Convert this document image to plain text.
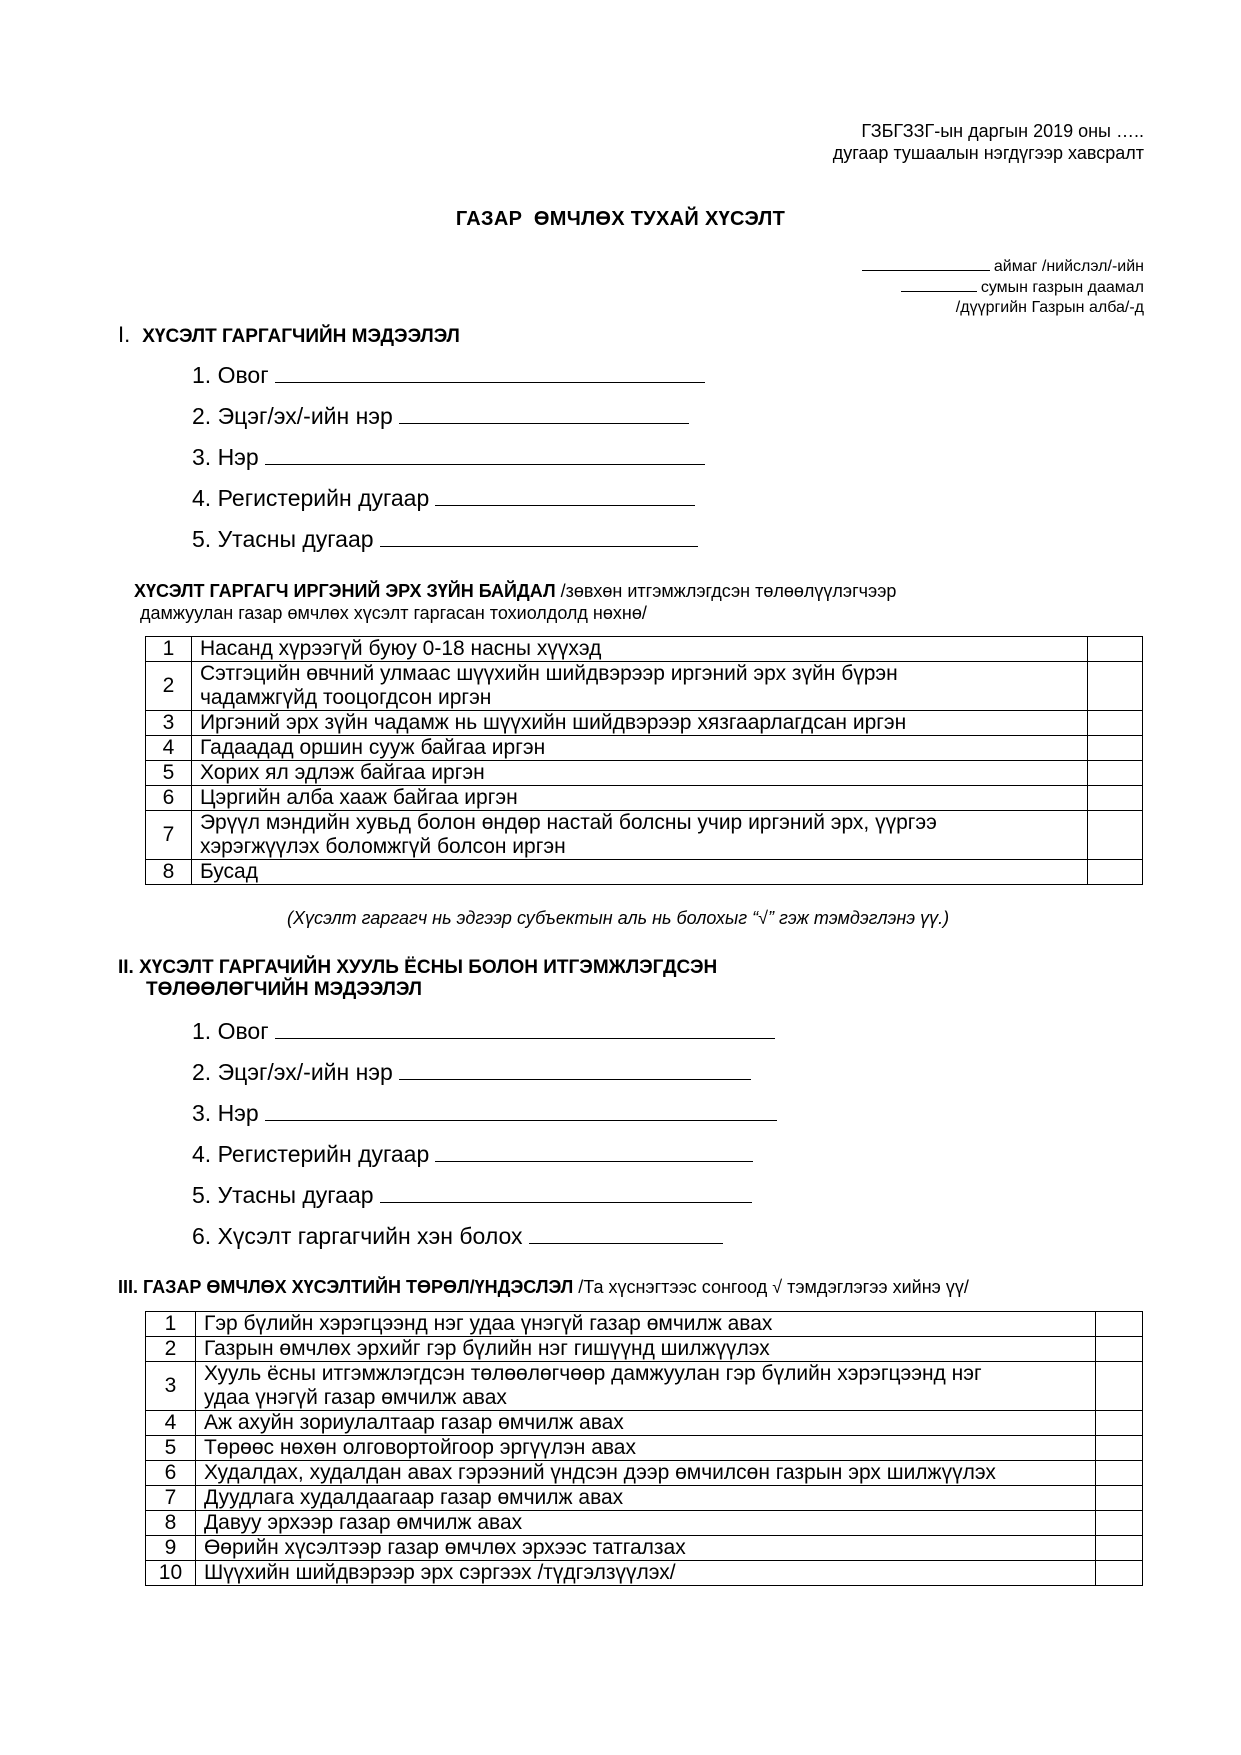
ГЗБГЗЗГ-ын даргын 2019 оны …..
дугаар тушаалын нэгдүгээр хавсралт
ГАЗАР  ӨМЧЛӨХ ТУХАЙ ХҮСЭЛТ
аймаг /нийслэл/-ийн
сумын газрын даамал
/дүүргийн Газрын алба/-д
I. ХҮСЭЛТ ГАРГАГЧИЙН МЭДЭЭЛЭЛ
1. Овог
2. Эцэг/эх/-ийн нэр
3. Нэр
4. Регистерийн дугаар
5. Утасны дугаар
ХҮСЭЛТ ГАРГАГЧ ИРГЭНИЙ ЭРХ ЗҮЙН БАЙДАЛ /зөвхөн итгэмжлэгдсэн төлөөлүүлэгчээр
дамжуулан газар өмчлөх хүсэлт гаргасан тохиолдолд нөхнө/
1	Насанд хүрээгүй буюу 0-18 насны хүүхэд	

2	Сэтгэцийн өвчний улмаас шүүхийн шийдвэрээр иргэний эрх зүйн бүрэн
чадамжгүйд тооцогдсон иргэн	

3	Иргэний эрх зүйн чадамж нь шүүхийн шийдвэрээр хязгаарлагдсан иргэн	

4	Гадаадад оршин сууж байгаа иргэн	

5	Хорих ял эдлэж байгаа иргэн	

6	Цэргийн алба хааж байгаа иргэн	

7	Эрүүл мэндийн хувьд болон өндөр настай болсны учир иргэний эрх, үүргээ
хэрэгжүүлэх боломжгүй болсон иргэн	

8	Бусад	

(Хүсэлт гаргагч нь эдгээр субъектын аль нь болохыг “√” гэж тэмдэглэнэ үү.)
II. ХҮСЭЛТ ГАРГАЧИЙН ХУУЛЬ ЁСНЫ БОЛОН ИТГЭМЖЛЭГДСЭН
ТӨЛӨӨЛӨГЧИЙН МЭДЭЭЛЭЛ
1. Овог
2. Эцэг/эх/-ийн нэр
3. Нэр
4. Регистерийн дугаар
5. Утасны дугаар
6. Хүсэлт гаргагчийн хэн болох
III. ГАЗАР ӨМЧЛӨХ ХҮСЭЛТИЙН ТӨРӨЛ/ҮНДЭСЛЭЛ /Та хүснэгтээс сонгоод √ тэмдэглэгээ хийнэ үү/
1	Гэр бүлийн хэрэгцээнд нэг удаа үнэгүй газар өмчилж авах	

2	Газрын өмчлөх эрхийг гэр бүлийн нэг гишүүнд шилжүүлэх	

3	Хууль ёсны итгэмжлэгдсэн төлөөлөгчөөр дамжуулан гэр бүлийн хэрэгцээнд нэг
удаа үнэгүй газар өмчилж авах	

4	Аж ахуйн зориулалтаар газар өмчилж авах	

5	Төрөөс нөхөн олговортойгоор эргүүлэн авах	

6	Худалдах, худалдан авах гэрээний үндсэн дээр өмчилсөн газрын эрх шилжүүлэх	

7	Дуудлага худалдаагаар газар өмчилж авах	

8	Давуу эрхээр газар өмчилж авах	

9	Өөрийн хүсэлтээр газар өмчлөх эрхээс татгалзах	

10	Шүүхийн шийдвэрээр эрх сэргээх /түдгэлзүүлэх/	
